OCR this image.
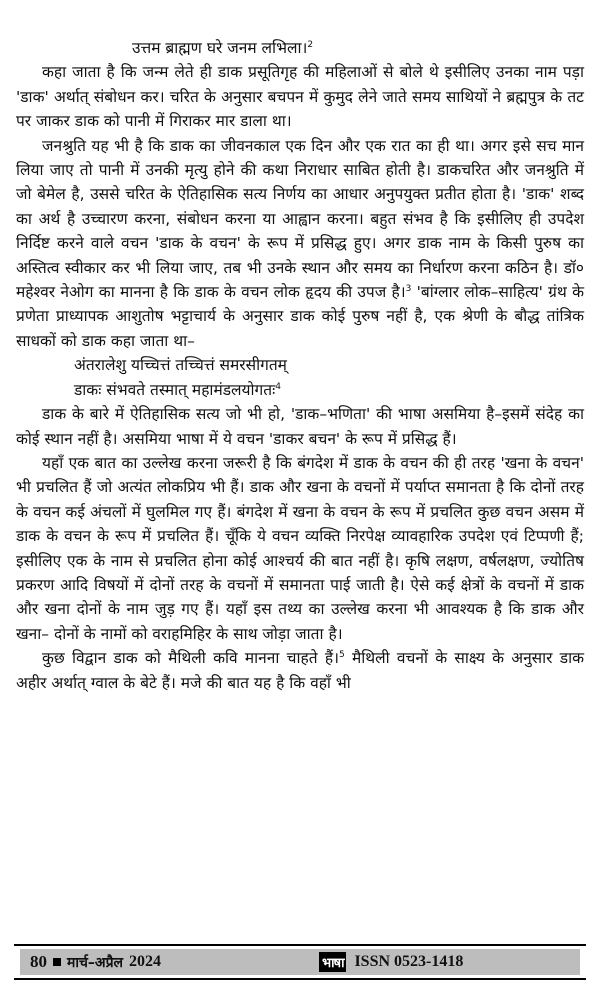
उत्तम ब्राह्मण घरे जनम लभिला।$^2$

कहा जाता है कि जन्म लेते ही डाक प्रसूतिगृह की महिलाओं से बोले थे इसीलिए उनका नाम पड़ा 'डाक' अर्थात् संबोधन कर। चरित के अनुसार बचपन में कुमुद लेने जाते समय साथियों ने ब्रह्मपुत्र के तट पर जाकर डाक को पानी में गिराकर मार डाला था।

जनश्रुति यह भी है कि डाक का जीवनकाल एक दिन और एक रात का ही था। अगर इसे सच मान लिया जाए तो पानी में उनकी मृत्यु होने की कथा निराधार साबित होती है। डाकचरित और जनश्रुति में जो बेमेल है, उससे चरित के ऐतिहासिक सत्य निर्णय का आधार अनुपयुक्त प्रतीत होता है। 'डाक' शब्द का अर्थ है उच्चारण करना, संबोधन करना या आह्वान करना। बहुत संभव है कि इसीलिए ही उपदेश निर्दिष्ट करने वाले वचन 'डाक के वचन' के रूप में प्रसिद्ध हुए। अगर डाक नाम के किसी पुरुष का अस्तित्व स्वीकार कर भी लिया जाए, तब भी उनके स्थान और समय का निर्धारण करना कठिन है। डॉ० महेश्वर नेओग का मानना है कि डाक के वचन लोक हृदय की उपज है।$^3$ 'बांग्लार लोक–साहित्य' ग्रंथ के प्रणेता प्राध्यापक आशुतोष भट्टाचार्य के अनुसार डाक कोई पुरुष नहीं है, एक श्रेणी के बौद्ध तांत्रिक साधकों को डाक कहा जाता था–

अंतरालेशु यच्चित्तं तच्चित्तं समरसीगतम्

डाकः संभवते तस्मात् महामंडलयोगतः$^4$

डाक के बारे में ऐतिहासिक सत्य जो भी हो, 'डाक–भणिता' की भाषा असमिया है–इसमें संदेह का कोई स्थान नहीं है। असमिया भाषा में ये वचन 'डाकर बचन' के रूप में प्रसिद्ध हैं।

यहाँ एक बात का उल्लेख करना जरूरी है कि बंगदेश में डाक के वचन की ही तरह 'खना के वचन' भी प्रचलित हैं जो अत्यंत लोकप्रिय भी हैं। डाक और खना के वचनों में पर्याप्त समानता है कि दोनों तरह के वचन कई अंचलों में घुलमिल गए हैं। बंगदेश में खना के वचन के रूप में प्रचलित कुछ वचन असम में डाक के वचन के रूप में प्रचलित हैं। चूँकि ये वचन व्यक्ति निरपेक्ष व्यावहारिक उपदेश एवं टिप्पणी हैं; इसीलिए एक के नाम से प्रचलित होना कोई आश्चर्य की बात नहीं है। कृषि लक्षण, वर्षलक्षण, ज्योतिष प्रकरण आदि विषयों में दोनों तरह के वचनों में समानता पाई जाती है। ऐसे कई क्षेत्रों के वचनों में डाक और खना दोनों के नाम जुड़ गए हैं। यहाँ इस तथ्य का उल्लेख करना भी आवश्यक है कि डाक और खना– दोनों के नामों को वराहमिहिर के साथ जोड़ा जाता है।

कुछ विद्वान डाक को मैथिली कवि मानना चाहते हैं।$^5$ मैथिली वचनों के साक्ष्य के अनुसार डाक अहीर अर्थात् ग्वाल के बेटे हैं। मजे की बात यह है कि वहाँ भी

80 मार्च–अप्रैल 2024	भाषा ISSN 0523-1418
